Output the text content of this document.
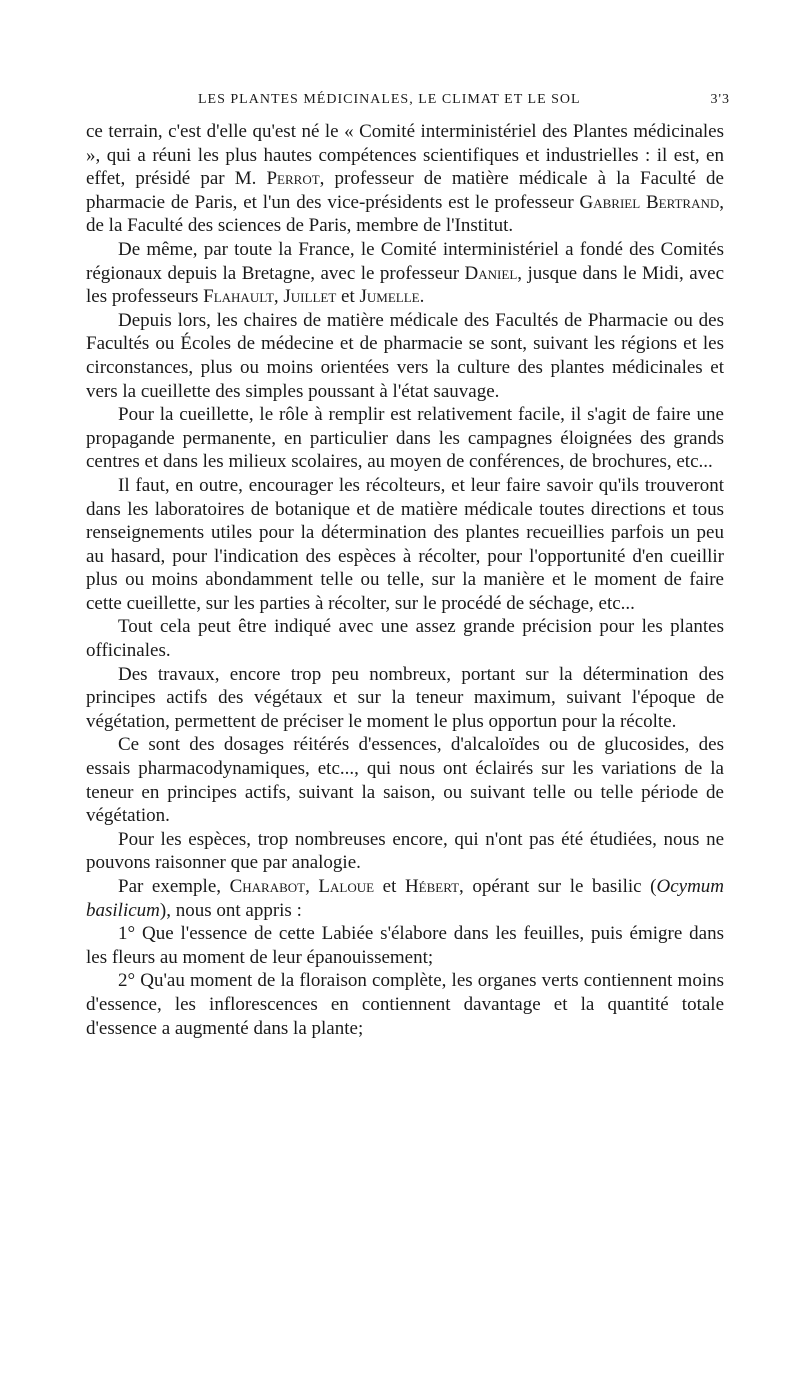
LES PLANTES MÉDICINALES, LE CLIMAT ET LE SOL	3'3

ce terrain, c'est d'elle qu'est né le « Comité interministériel des Plantes médicinales », qui a réuni les plus hautes compétences scientifiques et industrielles : il est, en effet, présidé par M. Perrot, professeur de matière médicale à la Faculté de pharmacie de Paris, et l'un des vice-présidents est le professeur Gabriel Bertrand, de la Faculté des sciences de Paris, membre de l'Institut.

De même, par toute la France, le Comité interministériel a fondé des Comités régionaux depuis la Bretagne, avec le professeur Daniel, jusque dans le Midi, avec les professeurs Flahault, Juillet et Jumelle.

Depuis lors, les chaires de matière médicale des Facultés de Pharmacie ou des Facultés ou Écoles de médecine et de pharmacie se sont, suivant les régions et les circonstances, plus ou moins orientées vers la culture des plantes médicinales et vers la cueillette des simples poussant à l'état sauvage.

Pour la cueillette, le rôle à remplir est relativement facile, il s'agit de faire une propagande permanente, en particulier dans les campagnes éloignées des grands centres et dans les milieux scolaires, au moyen de conférences, de brochures, etc...

Il faut, en outre, encourager les récolteurs, et leur faire savoir qu'ils trouveront dans les laboratoires de botanique et de matière médicale toutes directions et tous renseignements utiles pour la détermination des plantes recueillies parfois un peu au hasard, pour l'indication des espèces à récolter, pour l'opportunité d'en cueillir plus ou moins abondamment telle ou telle, sur la manière et le moment de faire cette cueillette, sur les parties à récolter, sur le procédé de séchage, etc...

Tout cela peut être indiqué avec une assez grande précision pour les plantes officinales.

Des travaux, encore trop peu nombreux, portant sur la détermination des principes actifs des végétaux et sur la teneur maximum, suivant l'époque de végétation, permettent de préciser le moment le plus opportun pour la récolte.

Ce sont des dosages réitérés d'essences, d'alcaloïdes ou de glucosides, des essais pharmacodynamiques, etc..., qui nous ont éclairés sur les variations de la teneur en principes actifs, suivant la saison, ou suivant telle ou telle période de végétation.

Pour les espèces, trop nombreuses encore, qui n'ont pas été étudiées, nous ne pouvons raisonner que par analogie.

Par exemple, Charabot, Laloue et Hébert, opérant sur le basilic (Ocymum basilicum), nous ont appris :

1° Que l'essence de cette Labiée s'élabore dans les feuilles, puis émigre dans les fleurs au moment de leur épanouissement;

2° Qu'au moment de la floraison complète, les organes verts contiennent moins d'essence, les inflorescences en contiennent davantage et la quantité totale d'essence a augmenté dans la plante;
